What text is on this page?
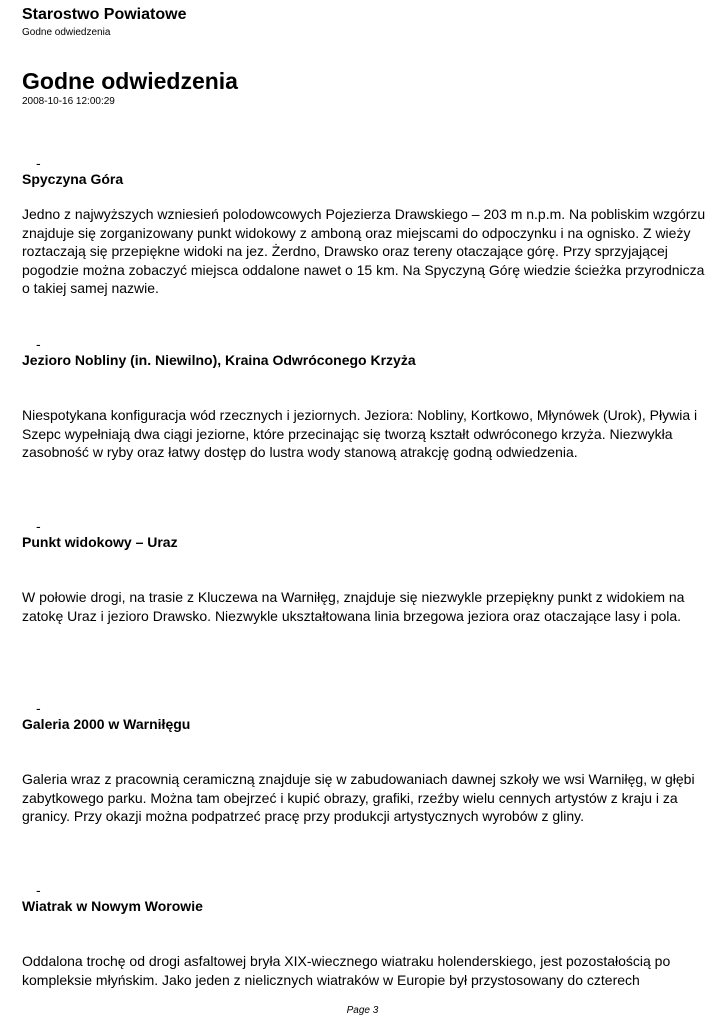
Starostwo Powiatowe
Godne odwiedzenia
Godne odwiedzenia
2008-10-16 12:00:29
-
Spyczyna Góra

Jedno z najwyższych wzniesień polodowcowych Pojezierza Drawskiego – 203 m n.p.m. Na pobliskim wzgórzu znajduje się zorganizowany punkt widokowy z amboną oraz miejscami do odpoczynku i na ognisko. Z wieży roztaczają się przepiękne widoki na jez. Żerdno, Drawsko oraz tereny otaczające górę. Przy sprzyjającej pogodzie można zobaczyć miejsca oddalone nawet o 15 km. Na Spyczyną Górę wiedzie ścieżka przyrodnicza o takiej samej nazwie.

-
Jezioro Nobliny (in. Niewilno), Kraina Odwróconego Krzyża

Niespotykana konfiguracja wód rzecznych i jeziornych. Jeziora: Nobliny, Kortkowo, Młynówek (Urok), Pływia i Szepc wypełniają dwa ciągi jeziorne, które przecinając się tworzą kształt odwróconego krzyża. Niezwykła zasobność w ryby oraz łatwy dostęp do lustra wody stanową atrakcję godną odwiedzenia.

-
Punkt widokowy – Uraz

W połowie drogi, na trasie z Kluczewa na Warniłęg, znajduje się niezwykle przepiękny punkt z widokiem na zatokę Uraz i jezioro Drawsko. Niezwykle ukształtowana linia brzegowa jeziora oraz otaczające lasy i pola.

-
Galeria 2000 w Warniłęgu

Galeria wraz z pracownią ceramiczną znajduje się w zabudowaniach dawnej szkoły we wsi Warniłęg, w głębi zabytkowego parku. Można tam obejrzeć i kupić obrazy, grafiki, rzeźby wielu cennych artystów z kraju i za granicy. Przy okazji można podpatrzeć pracę przy produkcji artystycznych wyrobów z gliny.

-
Wiatrak w Nowym Worowie

Oddalona trochę od drogi asfaltowej bryła XIX-wiecznego wiatraku holenderskiego, jest pozostałością po kompleksie młyńskim. Jako jeden z nielicznych wiatraków w Europie był przystosowany do czterech

Page 3
